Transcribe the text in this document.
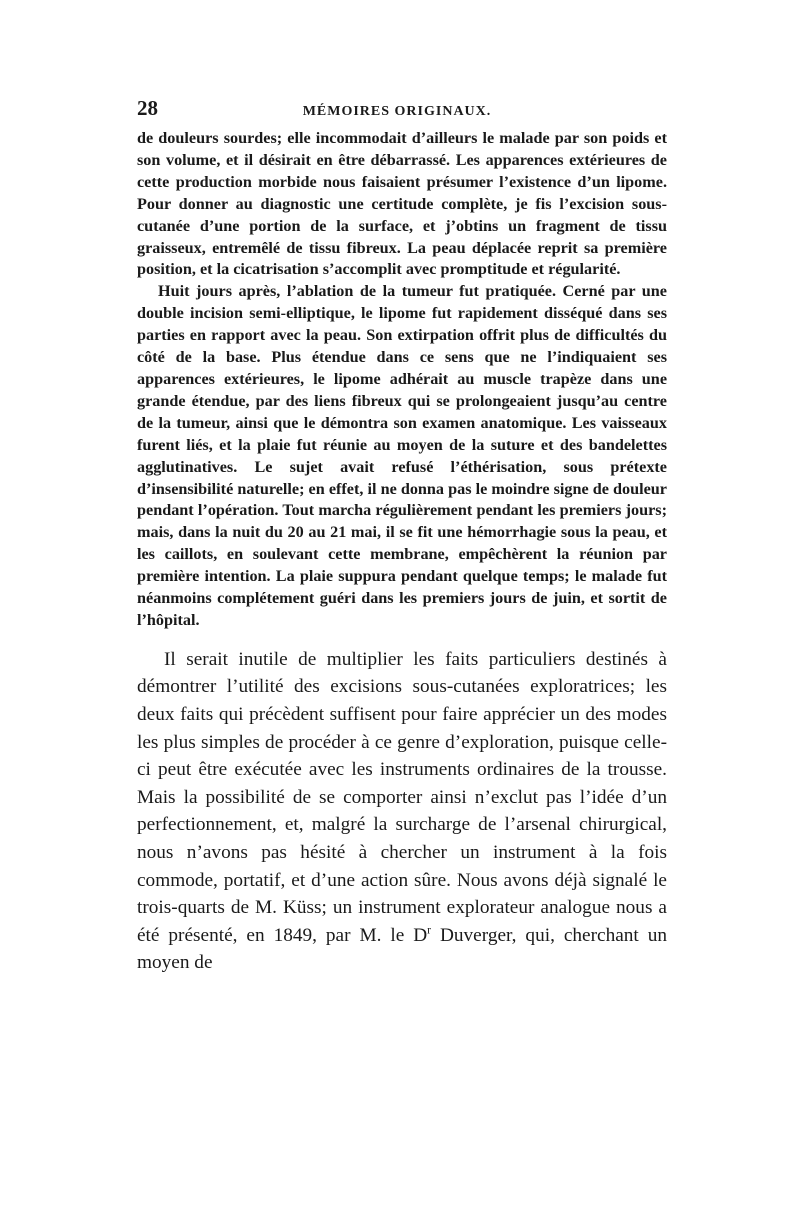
28	MÉMOIRES ORIGINAUX.

de douleurs sourdes; elle incommodait d’ailleurs le malade par son poids et son volume, et il désirait en être débarrassé. Les apparences extérieures de cette production morbide nous faisaient présumer l’existence d’un lipome. Pour donner au diagnostic une certitude complète, je fis l’excision sous-cutanée d’une portion de la surface, et j’obtins un fragment de tissu graisseux, entremêlé de tissu fibreux. La peau déplacée reprit sa première position, et la cicatrisation s’accomplit avec promptitude et régularité.

Huit jours après, l’ablation de la tumeur fut pratiquée. Cerné par une double incision semi-elliptique, le lipome fut rapidement disséqué dans ses parties en rapport avec la peau. Son extirpation offrit plus de difficultés du côté de la base. Plus étendue dans ce sens que ne l’indiquaient ses apparences extérieures, le lipome adhérait au muscle trapèze dans une grande étendue, par des liens fibreux qui se prolongeaient jusqu’au centre de la tumeur, ainsi que le démontra son examen anatomique. Les vaisseaux furent liés, et la plaie fut réunie au moyen de la suture et des bandelettes agglutinatives. Le sujet avait refusé l’éthérisation, sous prétexte d’insensibilité naturelle; en effet, il ne donna pas le moindre signe de douleur pendant l’opération. Tout marcha régulièrement pendant les premiers jours; mais, dans la nuit du 20 au 21 mai, il se fit une hémorrhagie sous la peau, et les caillots, en soulevant cette membrane, empêchèrent la réunion par première intention. La plaie suppura pendant quelque temps; le malade fut néanmoins complétement guéri dans les premiers jours de juin, et sortit de l’hôpital.

Il serait inutile de multiplier les faits particuliers destinés à démontrer l’utilité des excisions sous-cutanées exploratrices; les deux faits qui précèdent suffisent pour faire apprécier un des modes les plus simples de procéder à ce genre d’exploration, puisque celle-ci peut être exécutée avec les instruments ordinaires de la trousse. Mais la possibilité de se comporter ainsi n’exclut pas l’idée d’un perfectionnement, et, malgré la surcharge de l’arsenal chirurgical, nous n’avons pas hésité à chercher un instrument à la fois commode, portatif, et d’une action sûre. Nous avons déjà signalé le trois-quarts de M. Küss; un instrument explorateur analogue nous a été présenté, en 1849, par M. le $D^r$ Duverger, qui, cherchant un moyen de
